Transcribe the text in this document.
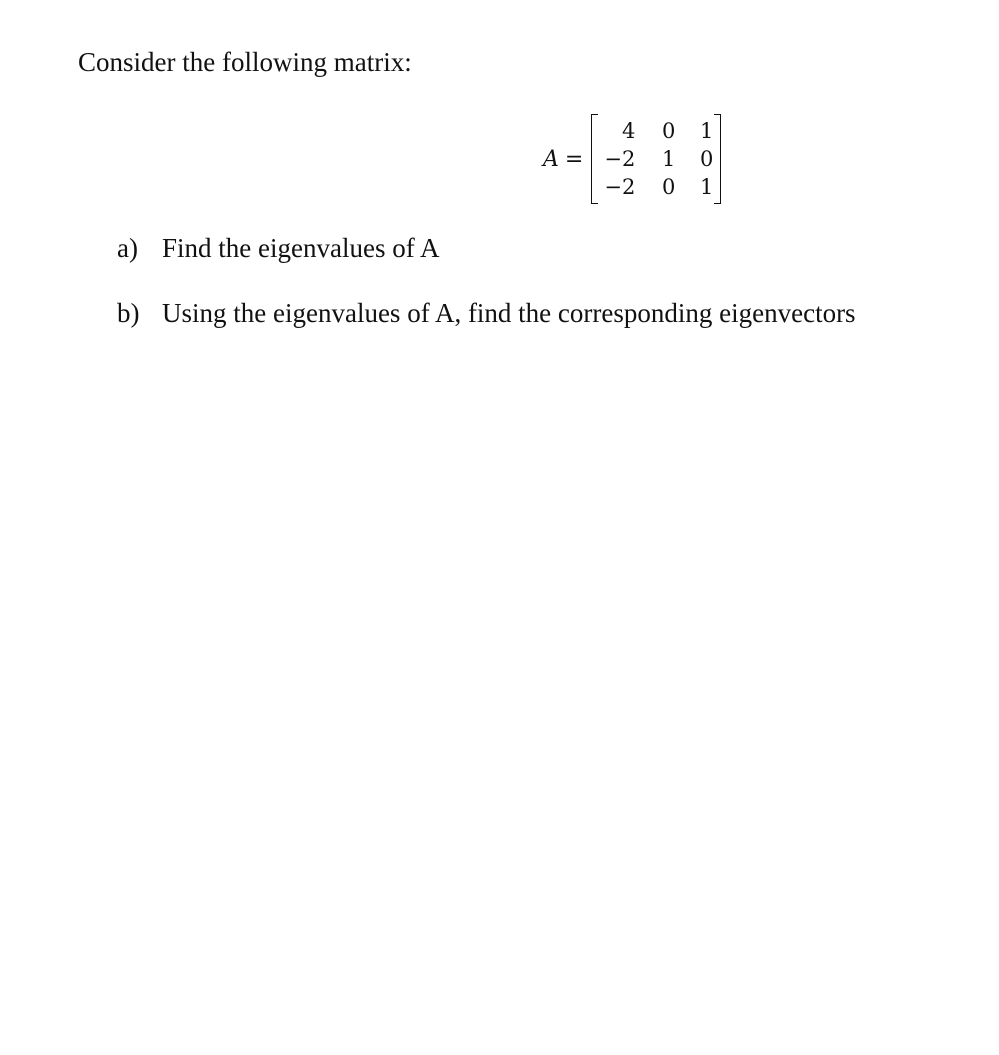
Consider the following matrix:
A =
4	0	1
−2	1	0
−2	0	1
a) Find the eigenvalues of A
b) Using the eigenvalues of A, find the corresponding eigenvectors
